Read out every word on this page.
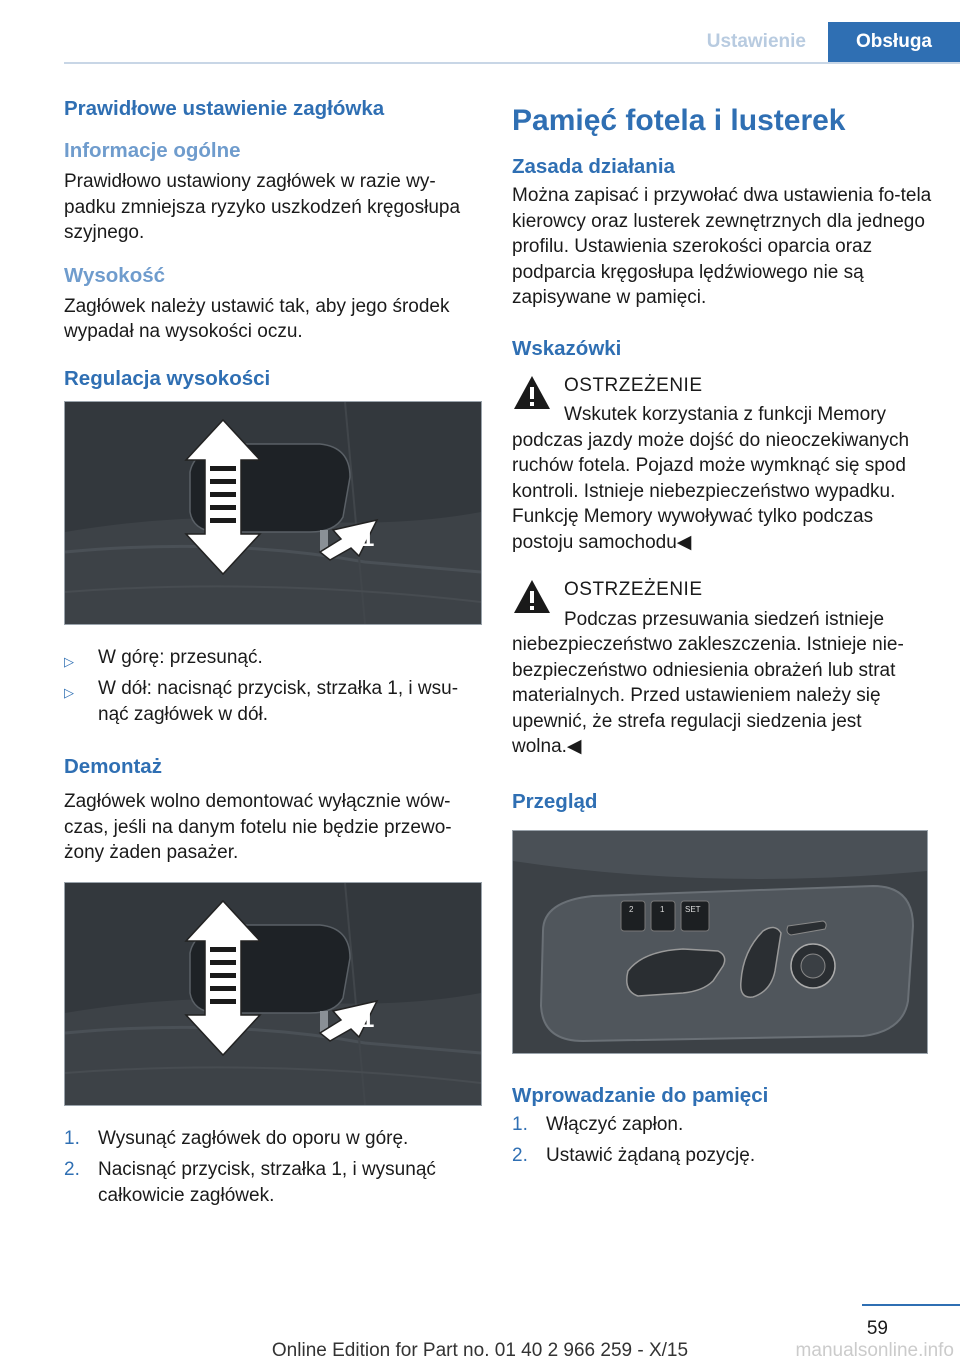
Ustawienie	Obsługa
Prawidłowe ustawienie zagłówka
Informacje ogólne

Prawidłowo ustawiony zagłówek w razie wy-padku zmniejsza ryzyko uszkodzeń kręgosłupa szyjnego.

Wysokość

Zagłówek należy ustawić tak, aby jego środek wypadał na wysokości oczu.

Regulacja wysokości
1
▷ W górę: przesunąć.
▷ W dół: nacisnąć przycisk, strzałka 1, i wsu-nąć zagłówek w dół.
Demontaż

Zagłówek wolno demontować wyłącznie wów-czas, jeśli na danym fotelu nie będzie przewo-żony żaden pasażer.

1
1. Wysunąć zagłówek do oporu w górę.
2. Nacisnąć przycisk, strzałka 1, i wysunąć całkowicie zagłówek.
Pamięć fotela i lusterek
Zasada działania

Można zapisać i przywołać dwa ustawienia fo-tela kierowcy oraz lusterek zewnętrznych dla jednego profilu. Ustawienia szerokości oparcia oraz podparcia kręgosłupa lędźwiowego nie są zapisywane w pamięci.

Wskazówki

OSTRZEŻENIE

Wskutek korzystania z funkcji Memory podczas jazdy może dojść do nieoczekiwanych ruchów fotela. Pojazd może wymknąć się spod kontroli. Istnieje niebezpieczeństwo wypadku. Funkcję Memory wywoływać tylko podczas postoju samochodu◀

OSTRZEŻENIE

Podczas przesuwania siedzeń istnieje niebezpieczeństwo zakleszczenia. Istnieje nie-bezpieczeństwo odniesienia obrażeń lub strat materialnych. Przed ustawieniem należy się upewnić, że strefa regulacji siedzenia jest wolna.◀

Przegląd
2	1	SET
Wprowadzanie do pamięci
1. Włączyć zapłon.
2. Ustawić żądaną pozycję.
59
Online Edition for Part no. 01 40 2 966 259 - X/15	manualsonline.info
